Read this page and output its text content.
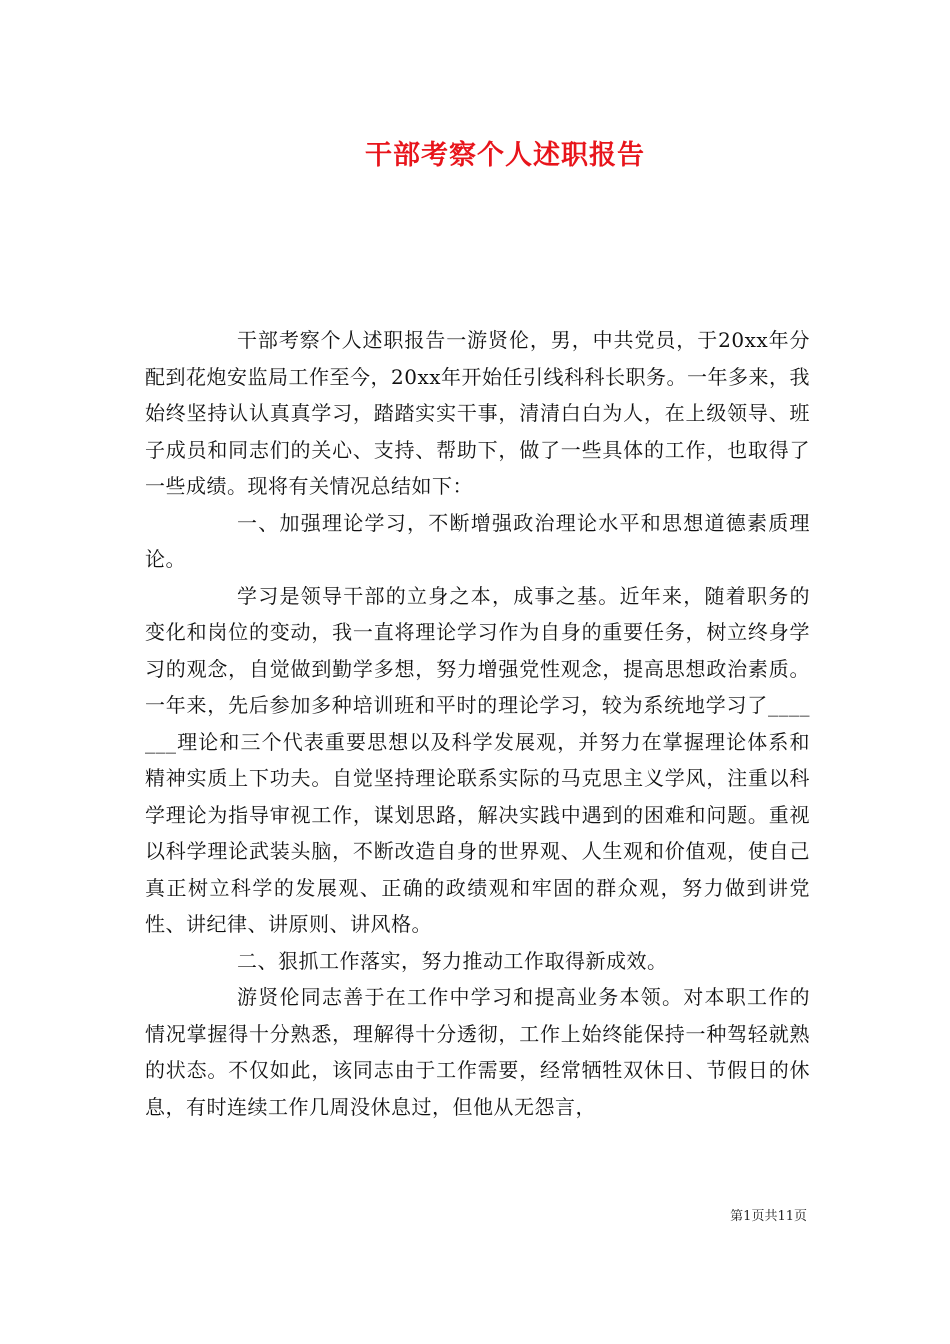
干部考察个人述职报告

干部考察个人述职报告一游贤伦，男，中共党员，于20xx年分配到花炮安监局工作至今，20xx年开始任引线科科长职务。一年多来，我始终坚持认认真真学习，踏踏实实干事，清清白白为人，在上级领导、班子成员和同志们的关心、支持、帮助下，做了一些具体的工作，也取得了一些成绩。现将有关情况总结如下：

一、加强理论学习，不断增强政治理论水平和思想道德素质理论。

学习是领导干部的立身之本，成事之基。近年来，随着职务的变化和岗位的变动，我一直将理论学习作为自身的重要任务，树立终身学习的观念，自觉做到勤学多想，努力增强党性观念，提高思想政治素质。一年来，先后参加多种培训班和平时的理论学习，较为系统地学习了_______理论和三个代表重要思想以及科学发展观，并努力在掌握理论体系和精神实质上下功夫。自觉坚持理论联系实际的马克思主义学风，注重以科学理论为指导审视工作，谋划思路，解决实践中遇到的困难和问题。重视以科学理论武装头脑，不断改造自身的世界观、人生观和价值观，使自己真正树立科学的发展观、正确的政绩观和牢固的群众观，努力做到讲党性、讲纪律、讲原则、讲风格。

二、狠抓工作落实，努力推动工作取得新成效。

游贤伦同志善于在工作中学习和提高业务本领。对本职工作的情况掌握得十分熟悉，理解得十分透彻，工作上始终能保持一种驾轻就熟的状态。不仅如此，该同志由于工作需要，经常牺牲双休日、节假日的休息，有时连续工作几周没休息过，但他从无怨言，

第1页共11页
